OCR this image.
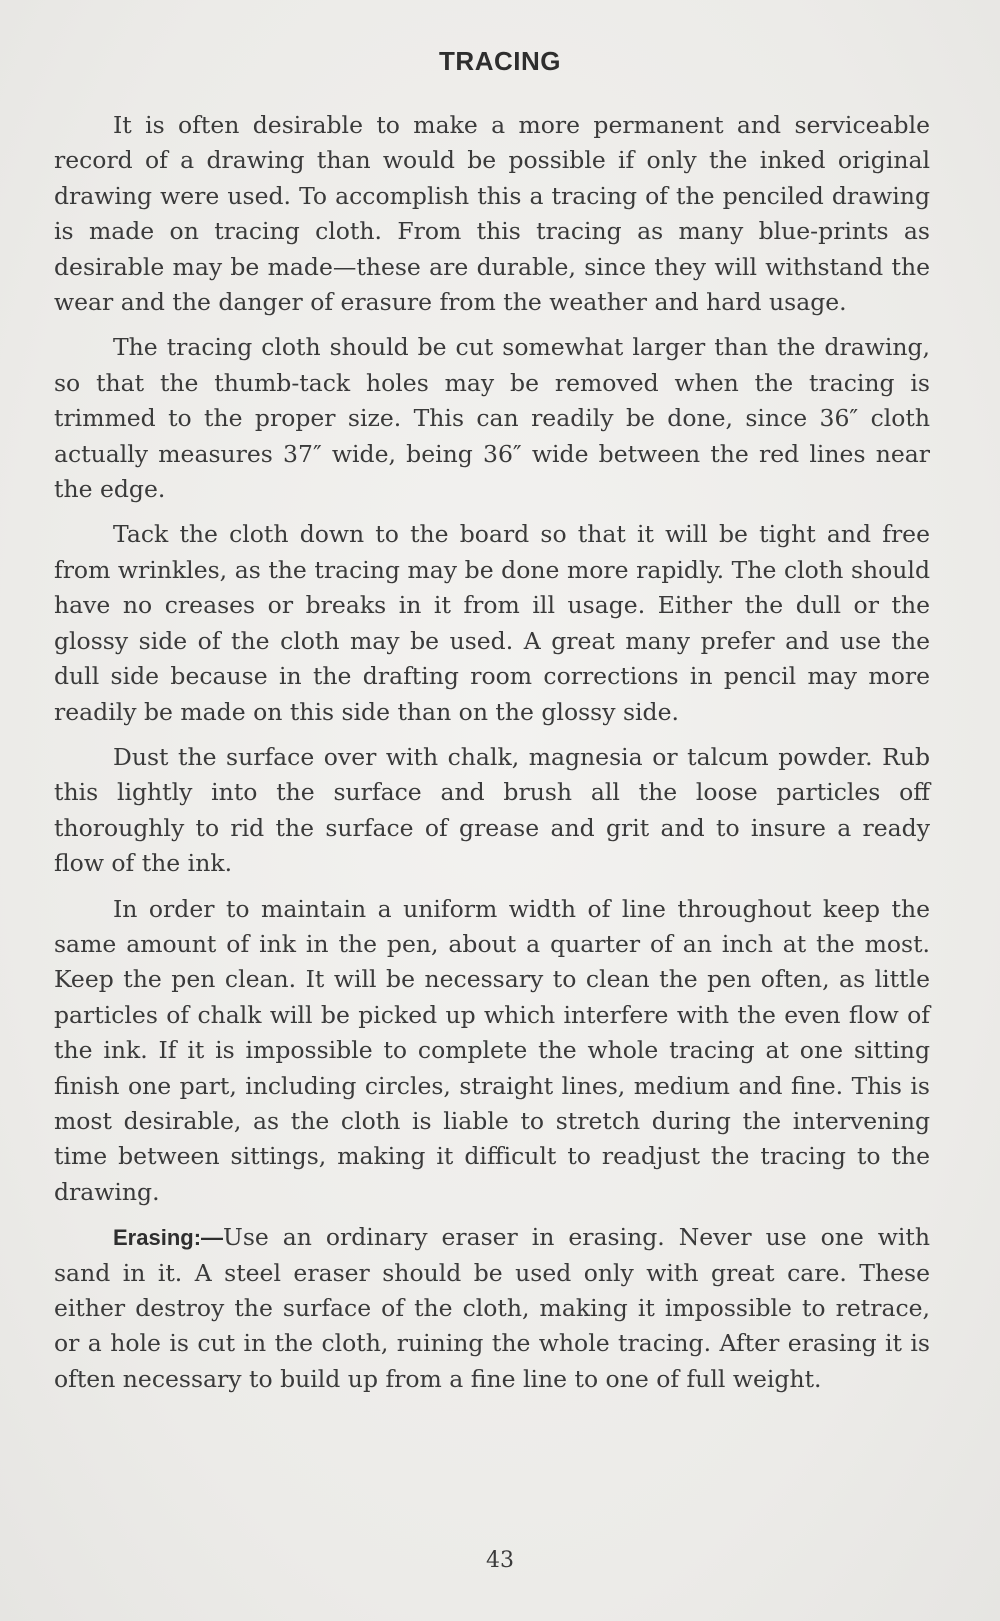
TRACING

It is often desirable to make a more permanent and serviceable record of a drawing than would be possible if only the inked original drawing were used. To accomplish this a tracing of the penciled drawing is made on tracing cloth. From this tracing as many blue-prints as desirable may be made—these are durable, since they will withstand the wear and the danger of erasure from the weather and hard usage.

The tracing cloth should be cut somewhat larger than the drawing, so that the thumb-tack holes may be removed when the tracing is trimmed to the proper size. This can readily be done, since 36″ cloth actually measures 37″ wide, being 36″ wide between the red lines near the edge.

Tack the cloth down to the board so that it will be tight and free from wrinkles, as the tracing may be done more rapidly. The cloth should have no creases or breaks in it from ill usage. Either the dull or the glossy side of the cloth may be used. A great many prefer and use the dull side because in the drafting room corrections in pencil may more readily be made on this side than on the glossy side.

Dust the surface over with chalk, magnesia or talcum powder. Rub this lightly into the surface and brush all the loose particles off thoroughly to rid the surface of grease and grit and to insure a ready flow of the ink.

In order to maintain a uniform width of line throughout keep the same amount of ink in the pen, about a quarter of an inch at the most. Keep the pen clean. It will be necessary to clean the pen often, as little particles of chalk will be picked up which interfere with the even flow of the ink. If it is impossible to complete the whole tracing at one sitting finish one part, including circles, straight lines, medium and fine. This is most desirable, as the cloth is liable to stretch during the intervening time between sittings, making it difficult to readjust the tracing to the drawing.

Erasing:—Use an ordinary eraser in erasing. Never use one with sand in it. A steel eraser should be used only with great care. These either destroy the surface of the cloth, making it impossible to retrace, or a hole is cut in the cloth, ruining the whole tracing. After erasing it is often necessary to build up from a fine line to one of full weight.

43
